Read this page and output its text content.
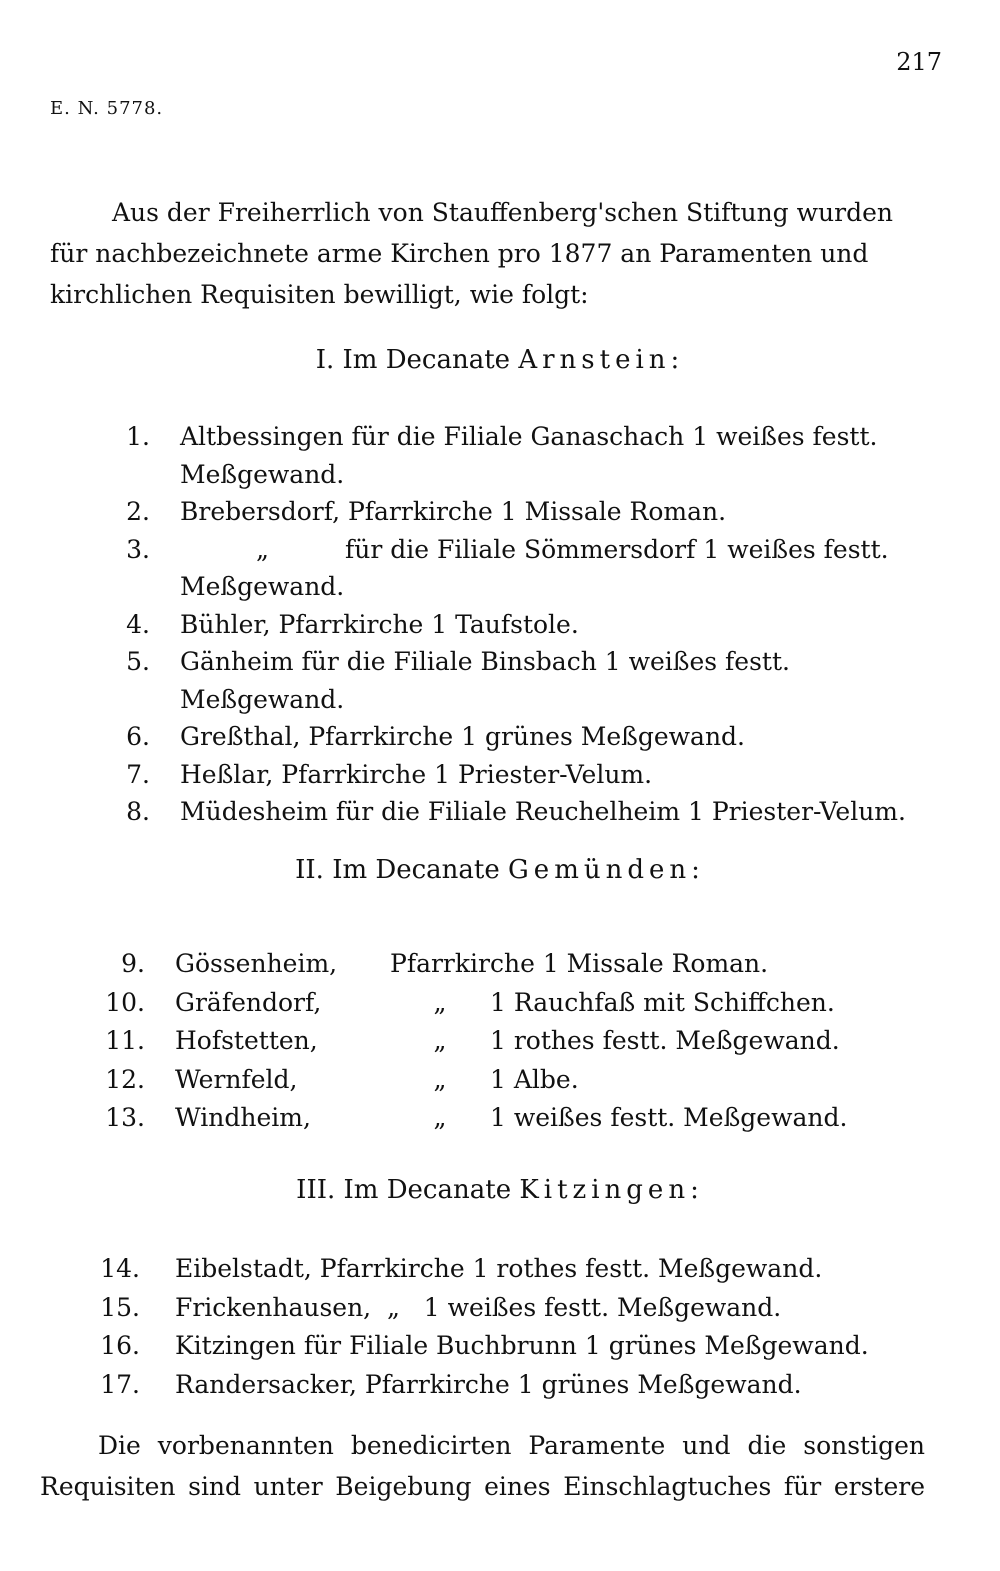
217
E. N. 5778.

Aus der Freiherrlich von Stauffenberg'schen Stiftung wurden

für nachbezeichnete arme Kirchen pro 1877 an Paramenten und

kirchlichen Requisiten bewilligt, wie folgt:

I. Im Decanate Arnstein:
1. Altbessingen für die Filiale Ganaschach 1 weißes festt.
Meßgewand.
2. Brebersdorf, Pfarrkirche 1 Missale Roman.
3.	„	für die Filiale Sömmersdorf 1 weißes festt.
Meßgewand.
4. Bühler, Pfarrkirche 1 Taufstole.
5. Gänheim für die Filiale Binsbach 1 weißes festt. Meßgewand.
6. Greßthal, Pfarrkirche 1 grünes Meßgewand.
7. Heßlar, Pfarrkirche 1 Priester-Velum.
8. Müdesheim für die Filiale Reuchelheim 1 Priester-Velum.
II. Im Decanate Gemünden:
9. Gössenheim, Pfarrkirche 1 Missale Roman.
10. Gräfendorf,	„ 1 Rauchfaß mit Schiffchen.
11. Hofstetten,	„ 1 rothes festt. Meßgewand.
12. Wernfeld,	„ 1 Albe.
13. Windheim,	„ 1 weißes festt. Meßgewand.
III. Im Decanate Kitzingen:
14. Eibelstadt, Pfarrkirche 1 rothes festt. Meßgewand.
15. Frickenhausen,  „   1 weißes festt. Meßgewand.
16. Kitzingen für Filiale Buchbrunn 1 grünes Meßgewand.
17. Randersacker, Pfarrkirche 1 grünes Meßgewand.
Die vorbenannten benedicirten Paramente und die sonstigen
Requisiten sind unter Beigebung eines Einschlagtuches für erstere
